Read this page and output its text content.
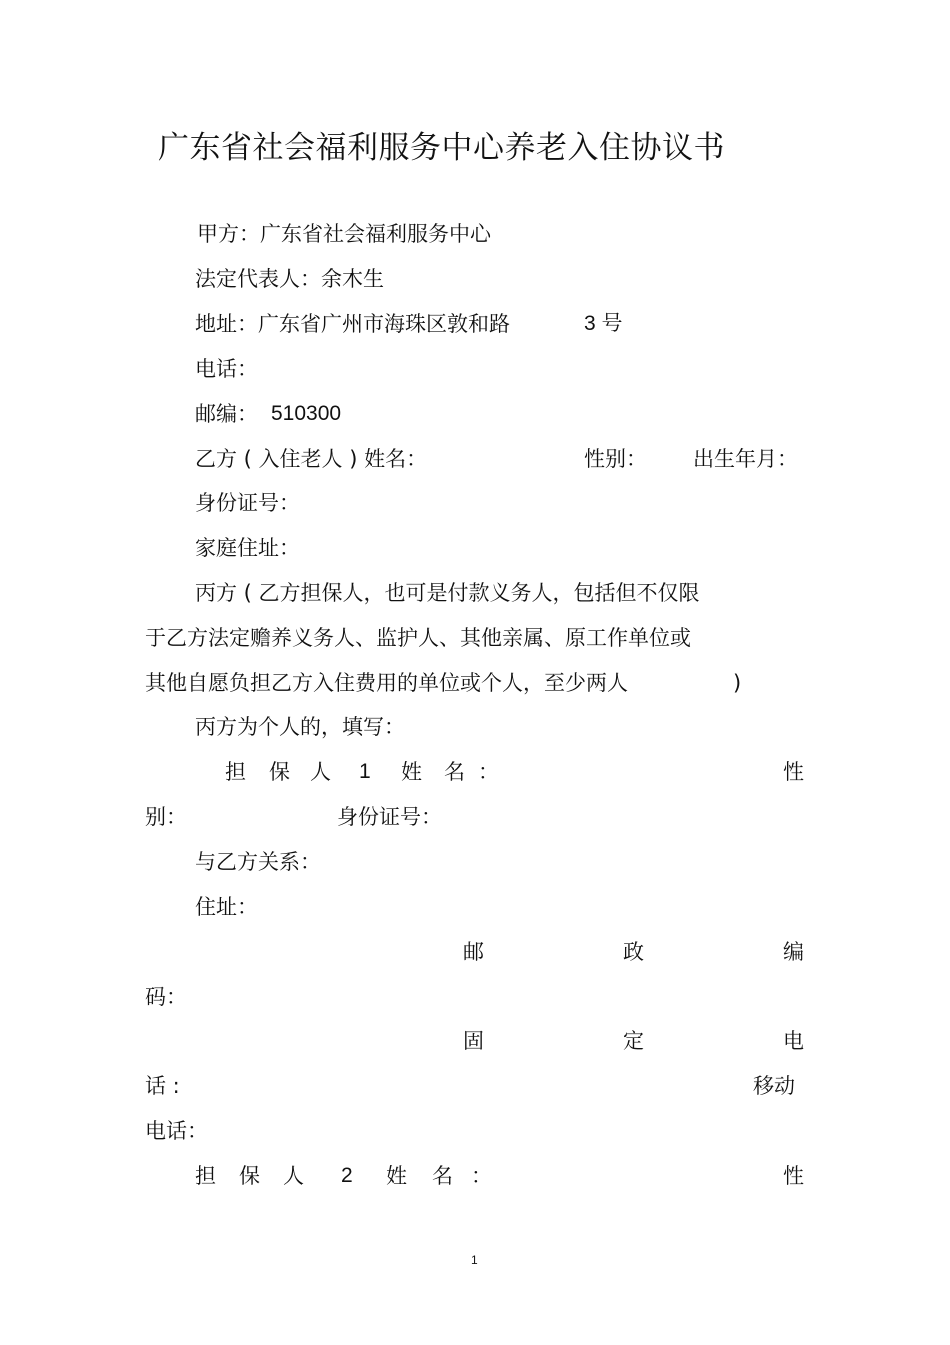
广东省社会福利服务中心养老入住协议书
甲方：广东省社会福利服务中心
法定代表人：余木生
地址：广东省广州市海珠区敦和路	3 号
电话：
邮编： 510300
乙方 ( 入住老人 ) 姓名：	性别： 出生年月：
身份证号：
家庭住址：
丙方 ( 乙方担保人，也可是付款义务人，包括但不仅限
于乙方法定赡养义务人、监护人、其他亲属、原工作单位或
其他自愿负担乙方入住费用的单位或个人，至少两人	)
丙方为个人的，填写：
担 保 人 1 姓 名 ：	性
别：	身份证号：
与乙方关系：
住址：
邮	政	编
码：
固	定	电
话 :	移动
电话：
担 保 人 2 姓 名 ：	性
1
